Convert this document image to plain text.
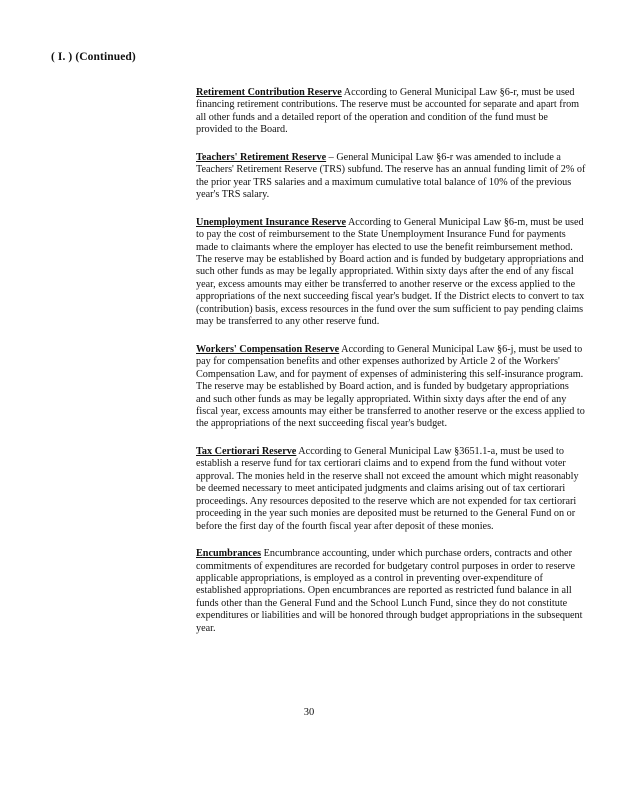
( I. ) (Continued)

Retirement Contribution Reserve According to General Municipal Law §6-r, must be used financing retirement contributions. The reserve must be accounted for separate and apart from all other funds and a detailed report of the operation and condition of the fund must be provided to the Board.

Teachers' Retirement Reserve – General Municipal Law §6-r was amended to include a Teachers' Retirement Reserve (TRS) subfund. The reserve has an annual funding limit of 2% of the prior year TRS salaries and a maximum cumulative total balance of 10% of the previous year's TRS salary.

Unemployment Insurance Reserve According to General Municipal Law §6-m, must be used to pay the cost of reimbursement to the State Unemployment Insurance Fund for payments made to claimants where the employer has elected to use the benefit reimbursement method. The reserve may be established by Board action and is funded by budgetary appropriations and such other funds as may be legally appropriated. Within sixty days after the end of any fiscal year, excess amounts may either be transferred to another reserve or the excess applied to the appropriations of the next succeeding fiscal year's budget. If the District elects to convert to tax (contribution) basis, excess resources in the fund over the sum sufficient to pay pending claims may be transferred to any other reserve fund.

Workers' Compensation Reserve According to General Municipal Law §6-j, must be used to pay for compensation benefits and other expenses authorized by Article 2 of the Workers' Compensation Law, and for payment of expenses of administering this self-insurance program. The reserve may be established by Board action, and is funded by budgetary appropriations and such other funds as may be legally appropriated. Within sixty days after the end of any fiscal year, excess amounts may either be transferred to another reserve or the excess applied to the appropriations of the next succeeding fiscal year's budget.

Tax Certiorari Reserve According to General Municipal Law §3651.1-a, must be used to establish a reserve fund for tax certiorari claims and to expend from the fund without voter approval. The monies held in the reserve shall not exceed the amount which might reasonably be deemed necessary to meet anticipated judgments and claims arising out of tax certiorari proceedings. Any resources deposited to the reserve which are not expended for tax certiorari proceeding in the year such monies are deposited must be returned to the General Fund on or before the first day of the fourth fiscal year after deposit of these monies.

Encumbrances Encumbrance accounting, under which purchase orders, contracts and other commitments of expenditures are recorded for budgetary control purposes in order to reserve applicable appropriations, is employed as a control in preventing over-expenditure of established appropriations. Open encumbrances are reported as restricted fund balance in all funds other than the General Fund and the School Lunch Fund, since they do not constitute expenditures or liabilities and will be honored through budget appropriations in the subsequent year.

30
